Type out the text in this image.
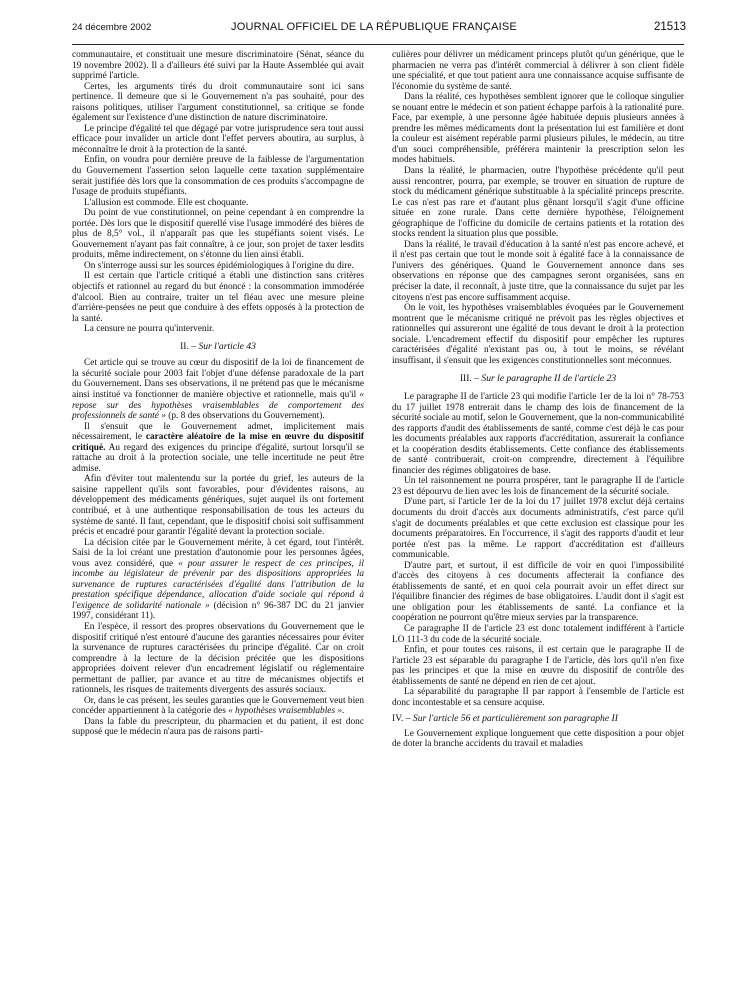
24 décembre 2002	JOURNAL OFFICIEL DE LA RÉPUBLIQUE FRANÇAISE	21513

communautaire, et constituait une mesure discriminatoire (Sénat, séance du 19 novembre 2002). Il a d'ailleurs été suivi par la Haute Assemblée qui avait supprimé l'article.

Certes, les arguments tirés du droit communautaire sont ici sans pertinence. Il demeure que si le Gouvernement n'a pas souhaité, pour des raisons politiques, utiliser l'argument constitutionnel, sa critique se fonde également sur l'existence d'une distinction de nature discriminatoire.

Le principe d'égalité tel que dégagé par votre jurisprudence sera tout aussi efficace pour invalider un article dont l'effet pervers aboutira, au surplus, à méconnaître le droit à la protection de la santé.

Enfin, on voudra pour dernière preuve de la faiblesse de l'argumentation du Gouvernement l'assertion selon laquelle cette taxation supplémentaire serait justifiée dès lors que la consommation de ces produits s'accompagne de l'usage de produits stupéfiants.

L'allusion est commode. Elle est choquante.

Du point de vue constitutionnel, on peine cependant à en comprendre la portée. Dès lors que le dispositif querellé vise l'usage immodéré des bières de plus de 8,5° vol., il n'apparaît pas que les stupéfiants soient visés. Le Gouvernement n'ayant pas fait connaître, à ce jour, son projet de taxer lesdits produits, même indirectement, on s'étonne du lien ainsi établi.

On s'interroge aussi sur les sources épidémiologiques à l'origine du dire.

Il est certain que l'article critiqué a établi une distinction sans critères objectifs et rationnel au regard du but énoncé : la consommation immodérée d'alcool. Bien au contraire, traiter un tel fléau avec une mesure pleine d'arrière-pensées ne peut que conduire à des effets opposés à la protection de la santé.

La censure ne pourra qu'intervenir.

II. – Sur l'article 43

Cet article qui se trouve au cœur du dispositif de la loi de financement de la sécurité sociale pour 2003 fait l'objet d'une défense paradoxale de la part du Gouvernement. Dans ses observations, il ne prétend pas que le mécanisme ainsi institué va fonctionner de manière objective et rationnelle, mais qu'il « repose sur des hypothèses vraisemblables de comportement des professionnels de santé » (p. 8 des observations du Gouvernement).

Il s'ensuit que le Gouvernement admet, implicitement mais nécessairement, le caractère aléatoire de la mise en œuvre du dispositif critiqué. Au regard des exigences du principe d'égalité, surtout lorsqu'il se rattache au droit à la protection sociale, une telle incertitude ne peut être admise.

Afin d'éviter tout malentendu sur la portée du grief, les auteurs de la saisine rappellent qu'ils sont favorables, pour d'évidentes raisons, au développement des médicaments génériques, sujet auquel ils ont fortement contribué, et à une authentique responsabilisation de tous les acteurs du système de santé. Il faut, cependant, que le dispositif choisi soit suffisamment précis et encadré pour garantir l'égalité devant la protection sociale.

La décision citée par le Gouvernement mérite, à cet égard, tout l'intérêt. Saisi de la loi créant une prestation d'autonomie pour les personnes âgées, vous avez considéré, que « pour assurer le respect de ces principes, il incombe au législateur de prévenir par des dispositions appropriées la survenance de ruptures caractérisées d'égalité dans l'attribution de la prestation spécifique dépendance, allocation d'aide sociale qui répond à l'exigence de solidarité nationale » (décision n° 96-387 DC du 21 janvier 1997, considérant 11).

En l'espèce, il ressort des propres observations du Gouvernement que le dispositif critiqué n'est entouré d'aucune des garanties nécessaires pour éviter la survenance de ruptures caractérisées du principe d'égalité. Car on croit comprendre à la lecture de la décision précitée que les dispositions appropriées doivent relever d'un encadrement législatif ou réglementaire permettant de pallier, par avance et au titre de mécanismes objectifs et rationnels, les risques de traitements divergents des assurés sociaux.

Or, dans le cas présent, les seules garanties que le Gouvernement veut bien concéder appartiennent à la catégorie des « hypothèses vraisemblables ».

Dans la fable du prescripteur, du pharmacien et du patient, il est donc supposé que le médecin n'aura pas de raisons parti-

culières pour délivrer un médicament princeps plutôt qu'un générique, que le pharmacien ne verra pas d'intérêt commercial à délivrer à son client fidèle une spécialité, et que tout patient aura une connaissance acquise suffisante de l'économie du système de santé.

Dans la réalité, ces hypothèses semblent ignorer que le colloque singulier se nouant entre le médecin et son patient échappe parfois à la rationalité pure. Face, par exemple, à une personne âgée habituée depuis plusieurs années à prendre les mêmes médicaments dont la présentation lui est familière et dont la couleur est aisément repérable parmi plusieurs pilules, le médecin, au titre d'un souci compréhensible, préférera maintenir la prescription selon les modes habituels.

Dans la réalité, le pharmacien, outre l'hypothèse précédente qu'il peut aussi rencontrer, pourra, par exemple, se trouver en situation de rupture de stock du médicament générique substituable à la spécialité princeps prescrite. Le cas n'est pas rare et d'autant plus gênant lorsqu'il s'agit d'une officine située en zone rurale. Dans cette dernière hypothèse, l'éloignement géographique de l'officine du domicile de certains patients et la rotation des stocks rendent la situation plus que possible.

Dans la réalité, le travail d'éducation à la santé n'est pas encore achevé, et il n'est pas certain que tout le monde soit à égalité face à la connaissance de l'univers des génériques. Quand le Gouvernement annonce dans ses observations en réponse que des campagnes seront organisées, sans en préciser la date, il reconnaît, à juste titre, que la connaissance du sujet par les citoyens n'est pas encore suffisamment acquise.

On le voit, les hypothèses vraisemblables évoquées par le Gouvernement montrent que le mécanisme critiqué ne prévoit pas les règles objectives et rationnelles qui assureront une égalité de tous devant le droit à la protection sociale. L'encadrement effectif du dispositif pour empêcher les ruptures caractérisées d'égalité n'existant pas ou, à tout le moins, se révélant insuffisant, il s'ensuit que les exigences constitutionnelles sont méconnues.

III. – Sur le paragraphe II de l'article 23

Le paragraphe II de l'article 23 qui modifie l'article 1er de la loi n° 78-753 du 17 juillet 1978 entrerait dans le champ des lois de financement de la sécurité sociale au motif, selon le Gouvernement, que la non-communicabilité des rapports d'audit des établissements de santé, comme c'est déjà le cas pour les documents préalables aux rapports d'accréditation, assurerait la confiance et la coopération desdits établissements. Cette confiance des établissements de santé contribuerait, croit-on comprendre, directement à l'équilibre financier des régimes obligatoires de base.

Un tel raisonnement ne pourra prospérer, tant le paragraphe II de l'article 23 est dépourvu de lien avec les lois de financement de la sécurité sociale.

D'une part, si l'article 1er de la loi du 17 juillet 1978 exclut déjà certains documents du droit d'accès aux documents administratifs, c'est parce qu'il s'agit de documents préalables et que cette exclusion est classique pour les documents préparatoires. En l'occurrence, il s'agit des rapports d'audit et leur portée n'est pas la même. Le rapport d'accréditation est d'ailleurs communicable.

D'autre part, et surtout, il est difficile de voir en quoi l'impossibilité d'accès des citoyens à ces documents affecterait la confiance des établissements de santé, et en quoi cela pourrait avoir un effet direct sur l'équilibre financier des régimes de base obligatoires. L'audit dont il s'agit est une obligation pour les établissements de santé. La confiance et la coopération ne pourront qu'être mieux servies par la transparence.

Ce paragraphe II de l'article 23 est donc totalement indifférent à l'article LO 111-3 du code de la sécurité sociale.

Enfin, et pour toutes ces raisons, il est certain que le paragraphe II de l'article 23 est séparable du paragraphe I de l'article, dès lors qu'il n'en fixe pas les principes et que la mise en œuvre du dispositif de contrôle des établissements de santé ne dépend en rien de cet ajout.

La séparabilité du paragraphe II par rapport à l'ensemble de l'article est donc incontestable et sa censure acquise.

IV. – Sur l'article 56 et particulièrement son paragraphe II

Le Gouvernement explique longuement que cette disposition a pour objet de doter la branche accidents du travail et maladies
